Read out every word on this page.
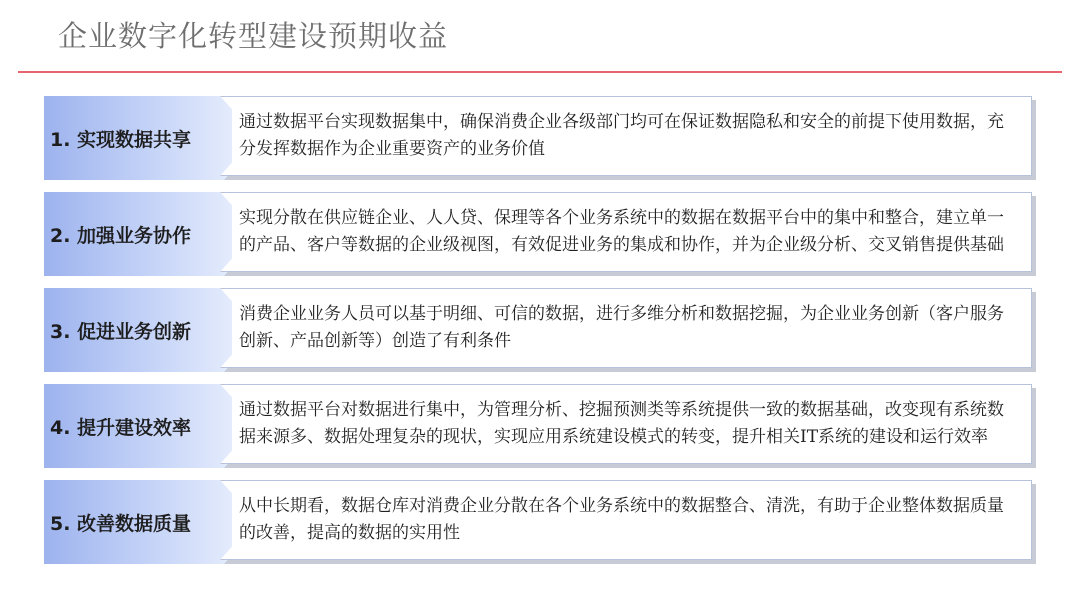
企业数字化转型建设预期收益
1. 实现数据共享
通过数据平台实现数据集中，确保消费企业各级部门均可在保证数据隐私和安全的前提下使用数据，充分发挥数据作为企业重要资产的业务价值
2. 加强业务协作
实现分散在供应链企业、人人贷、保理等各个业务系统中的数据在数据平台中的集中和整合，建立单一的产品、客户等数据的企业级视图，有效促进业务的集成和协作，并为企业级分析、交叉销售提供基础
3. 促进业务创新
消费企业业务人员可以基于明细、可信的数据，进行多维分析和数据挖掘，为企业业务创新（客户服务创新、产品创新等）创造了有利条件
4. 提升建设效率
通过数据平台对数据进行集中，为管理分析、挖掘预测类等系统提供一致的数据基础，改变现有系统数据来源多、数据处理复杂的现状，实现应用系统建设模式的转变，提升相关IT系统的建设和运行效率
5. 改善数据质量
从中长期看，数据仓库对消费企业分散在各个业务系统中的数据整合、清洗，有助于企业整体数据质量的改善，提高的数据的实用性
